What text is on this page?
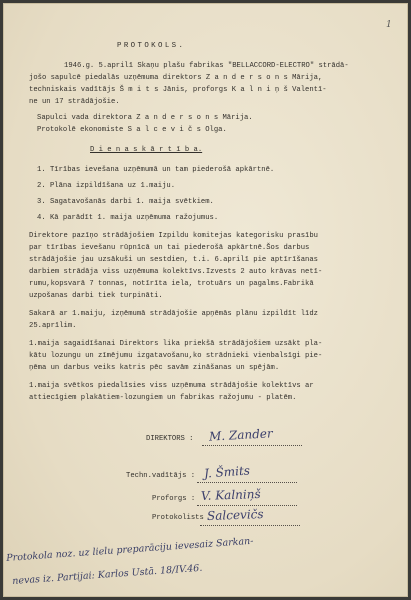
1
PROTOKOLS.
1946.g. 5.aprilī Skaņu plašu fabrikas "BELLACCORD-ELECTRO" strādā-
jošo sapulcē piedalās uzņēmuma direktors Z a n d e r s o n s Mārija,
techniskais vadītājs Š m i t s Jānis, proforgs K a l n i ņ š Valentī-
ne un 17 strādājošie.
Sapulci vada direktora Z a n d e r s o n s Mārija.
Protokolē ekonomiste S a l c e v i č s Olga.
D i e n a s k ā r t ī b a.
1. Tīrības ievešana uzņēmumā un tam piederošā apkārtnē.
2. Plāna izpildīšana uz 1.maiju.
3. Sagatavošanās darbi 1. maija svētkiem.
4. Kā parādīt 1. maija uzņēmuma ražojumus.
Direktore pazīņo strādājošiem Izpildu komitejas kategorisku prasību
par tīrības ievešanu rūpnīcā un tai piederošā apkārtnē.Šos darbus
strādājošie jau uzsākuši un sestdien, t.i. 6.aprilī pie aptīrīšanas
darbiem strādāja viss uzņēmuma kolektīvs.Izvests 2 auto krāvas netī-
rumu,kopsvarā 7 tonnas, notīrīta iela, trotuārs un pagalms.Fabrikā
uzpošanas darbi tiek turpināti.
Sakarā ar 1.maiju, izņēmumā strādājošie apņēmās plānu izpildīt līdz
25.aprīlim.
1.maija sagaidīšanai Direktors lika priekšā strādājošiem uzsākt pla-
kātu lozungu un zīmējumu izgatavošanu,ko strādnieki vienbalsīgi pie-
ņēma un darbus veiks katris pēc savām zināšanas un spējām.
1.maija svētkos piedalīsies viss uzņēmuma strādājošie kolektīvs ar
attiecīgiem plakātiem-lozungiem un fabrikas ražojumu - platēm.
DIREKTORS : M. Zander
Techn.vadītājs : J. Šmits
Proforgs : V. Kalniņš
Protokolists Salcevičs
Protokola noz. uz lielu preparāciju ievesaiz Sarkan-
nevas iz. Partijai: Karlos Ustā. 18/IV.46.
